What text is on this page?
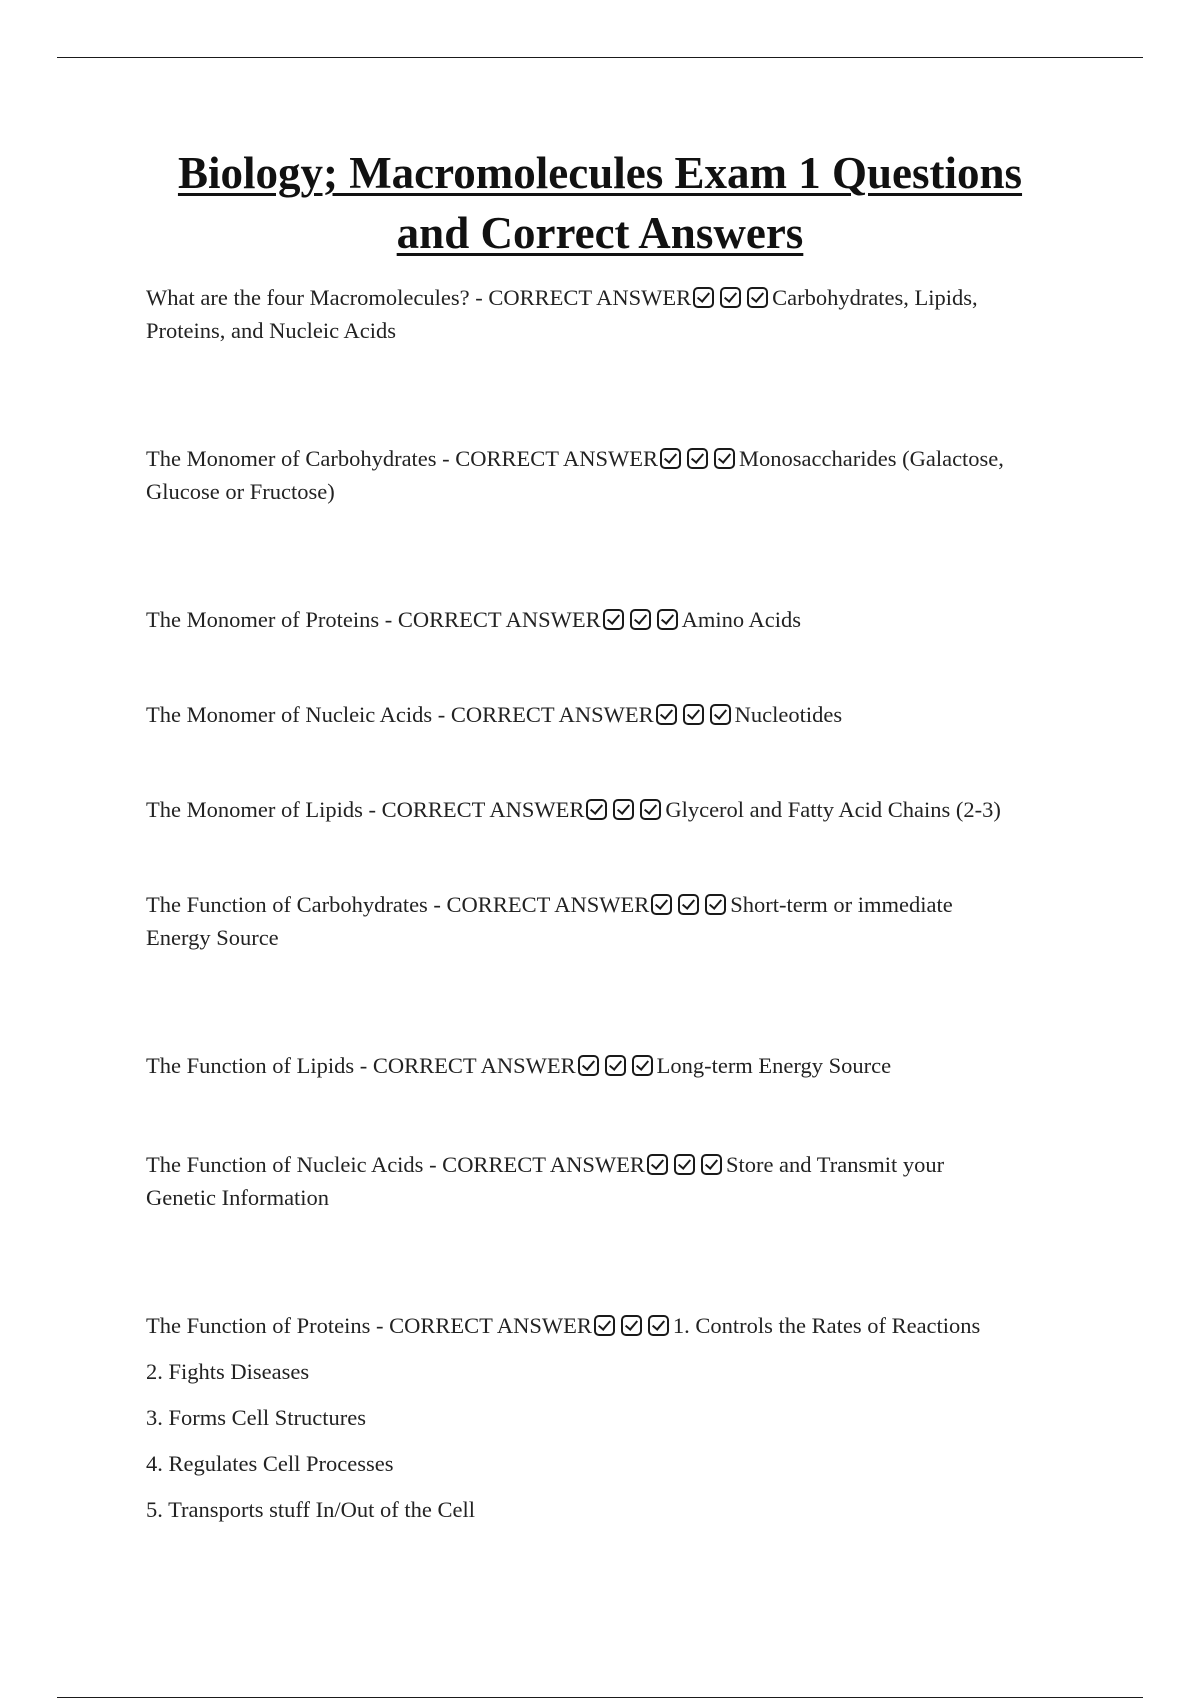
Biology; Macromolecules Exam 1 Questions
and Correct Answers
What are the four Macromolecules? - CORRECT ANSWER	Carbohydrates, Lipids,
Proteins, and Nucleic Acids
The Monomer of Carbohydrates - CORRECT ANSWER	Monosaccharides (Galactose,
Glucose or Fructose)
The Monomer of Proteins - CORRECT ANSWER	Amino Acids
The Monomer of Nucleic Acids - CORRECT ANSWER	Nucleotides
The Monomer of Lipids - CORRECT ANSWER	Glycerol and Fatty Acid Chains (2-3)
The Function of Carbohydrates - CORRECT ANSWER	Short-term or immediate
Energy Source
The Function of Lipids - CORRECT ANSWER	Long-term Energy Source
The Function of Nucleic Acids - CORRECT ANSWER	Store and Transmit your
Genetic Information
The Function of Proteins - CORRECT ANSWER	1. Controls the Rates of Reactions
2. Fights Diseases
3. Forms Cell Structures
4. Regulates Cell Processes
5. Transports stuff In/Out of the Cell
